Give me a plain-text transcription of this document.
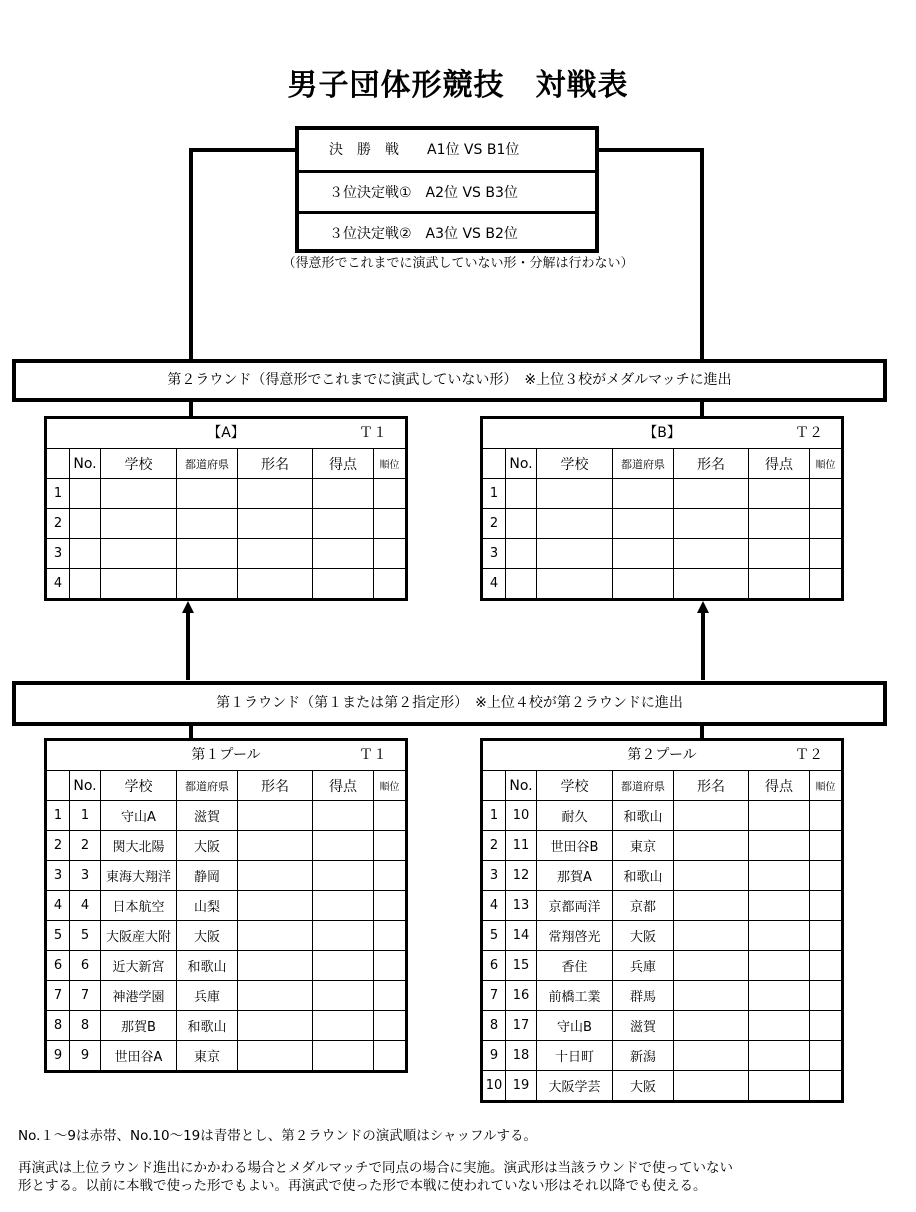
男子団体形競技　対戦表
決　勝　戦　　A1位 VS B1位
３位決定戦①　A2位 VS B3位
３位決定戦②　A3位 VS B2位
（得意形でこれまでに演武していない形・分解は行わない）
第２ラウンド（得意形でこれまでに演武していない形）　※上位３校がメダルマッチに進出
【A】 Ｔ１						

	No.	学校	都道府県	形名	得点	順位
1						
2						
3						
4						
【B】 Ｔ２						

	No.	学校	都道府県	形名	得点	順位
1						
2						
3						
4						
第１ラウンド（第１または第２指定形）　※上位４校が第２ラウンドに進出
第１プール Ｔ１						

	No.	学校	都道府県	形名	得点	順位
1	1	守山A	滋賀			
2	2	関大北陽	大阪			
3	3	東海大翔洋	静岡			
4	4	日本航空	山梨			
5	5	大阪産大附	大阪			
6	6	近大新宮	和歌山			
7	7	神港学園	兵庫			
8	8	那賀B	和歌山			
9	9	世田谷A	東京			
第２プール Ｔ２						

	No.	学校	都道府県	形名	得点	順位
1	10	耐久	和歌山			
2	11	世田谷B	東京			
3	12	那賀A	和歌山			
4	13	京都両洋	京都			
5	14	常翔啓光	大阪			
6	15	香住	兵庫			
7	16	前橋工業	群馬			
8	17	守山B	滋賀			
9	18	十日町	新潟			
10	19	大阪学芸	大阪			
No.１～9は赤帯、No.10～19は青帯とし、第２ラウンドの演武順はシャッフルする。
再演武は上位ラウンド進出にかかわる場合とメダルマッチで同点の場合に実施。演武形は当該ラウンドで使っていない
形とする。以前に本戦で使った形でもよい。再演武で使った形で本戦に使われていない形はそれ以降でも使える。
